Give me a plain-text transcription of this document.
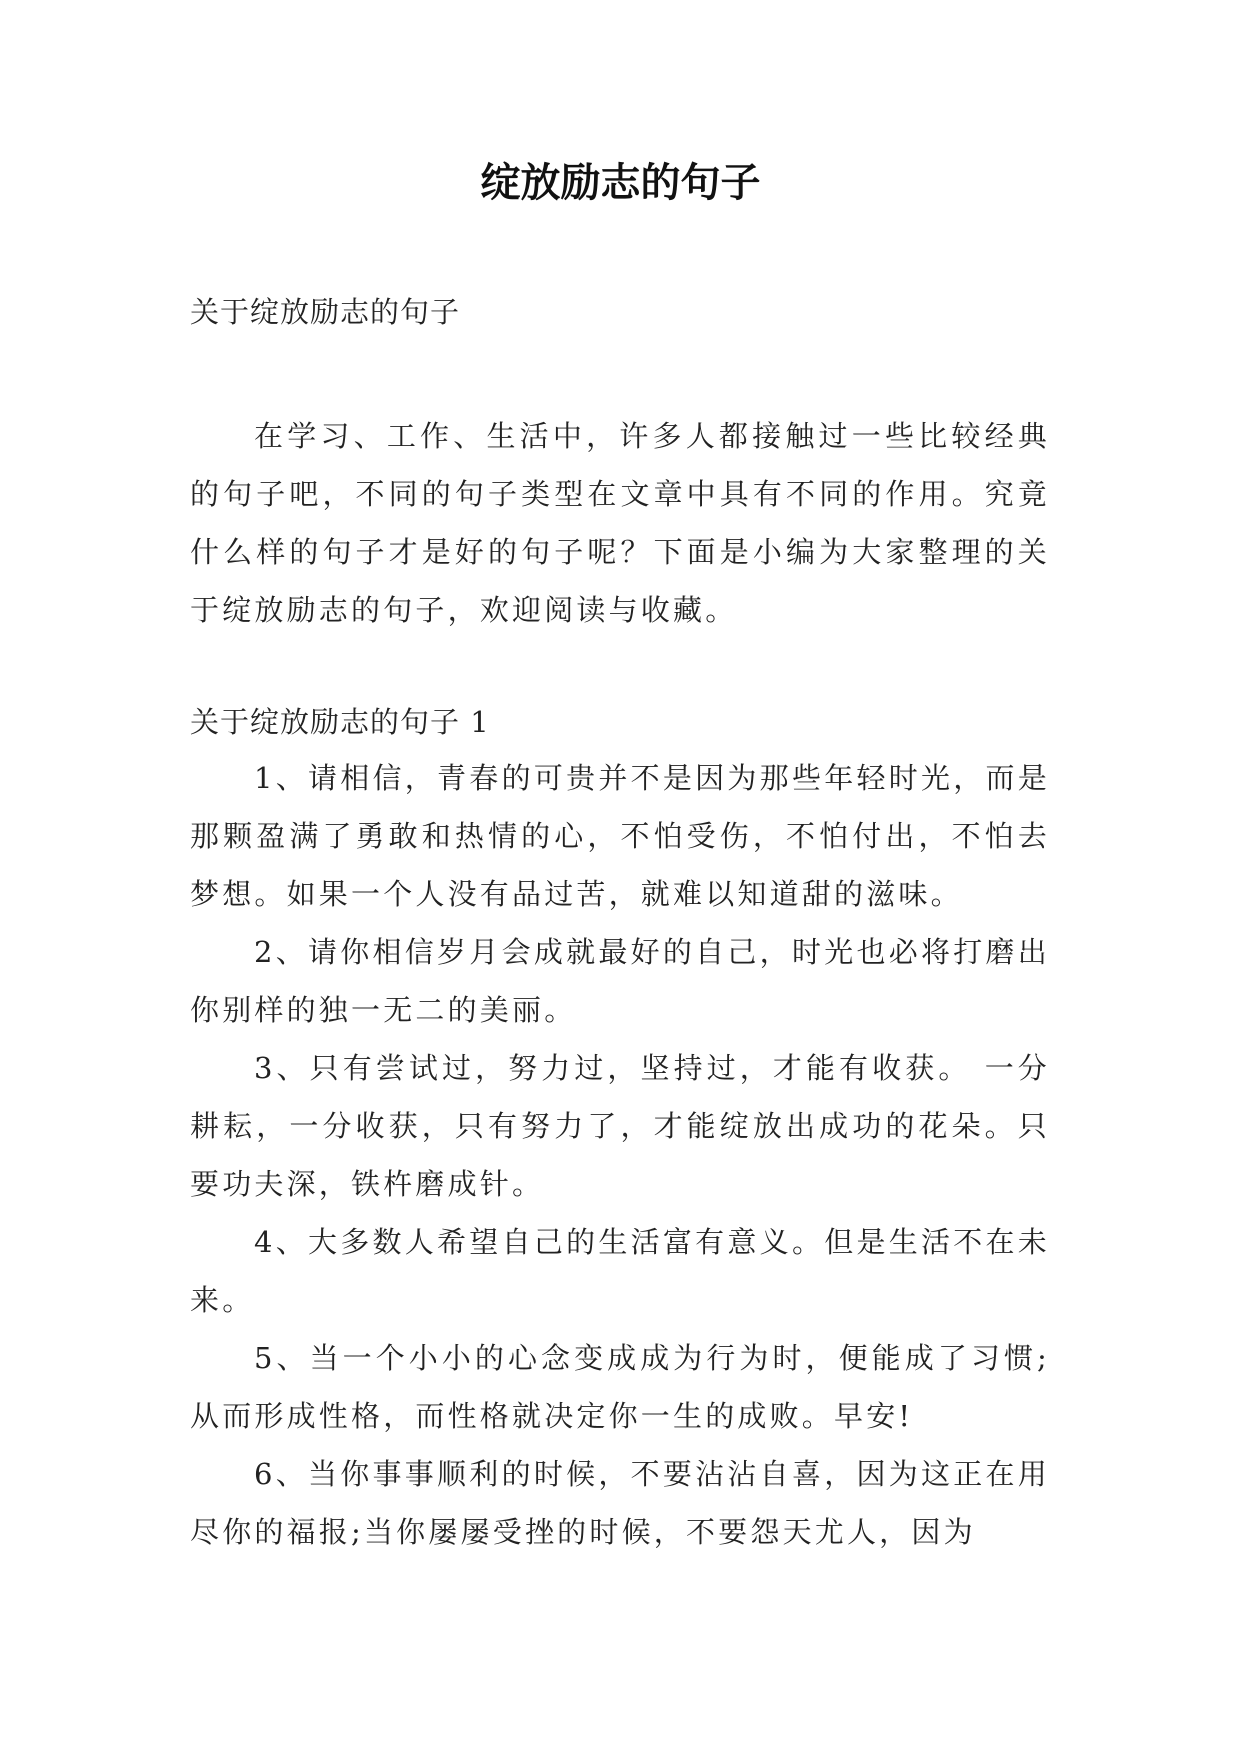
绽放励志的句子
关于绽放励志的句子

在学习、工作、生活中，许多人都接触过一些比较经典的句子吧，不同的句子类型在文章中具有不同的作用。究竟什么样的句子才是好的句子呢？下面是小编为大家整理的关于绽放励志的句子，欢迎阅读与收藏。

关于绽放励志的句子 1

1、请相信，青春的可贵并不是因为那些年轻时光，而是那颗盈满了勇敢和热情的心，不怕受伤，不怕付出，不怕去梦想。如果一个人没有品过苦，就难以知道甜的滋味。

2、请你相信岁月会成就最好的自己，时光也必将打磨出你别样的独一无二的美丽。

3、只有尝试过，努力过，坚持过，才能有收获。 一分耕耘，一分收获，只有努力了，才能绽放出成功的花朵。只要功夫深，铁杵磨成针。

4、大多数人希望自己的生活富有意义。但是生活不在未来。

5、当一个小小的心念变成成为行为时，便能成了习惯;从而形成性格，而性格就决定你一生的成败。早安!

6、当你事事顺利的时候，不要沾沾自喜，因为这正在用尽你的福报;当你屡屡受挫的时候，不要怨天尤人，因为
